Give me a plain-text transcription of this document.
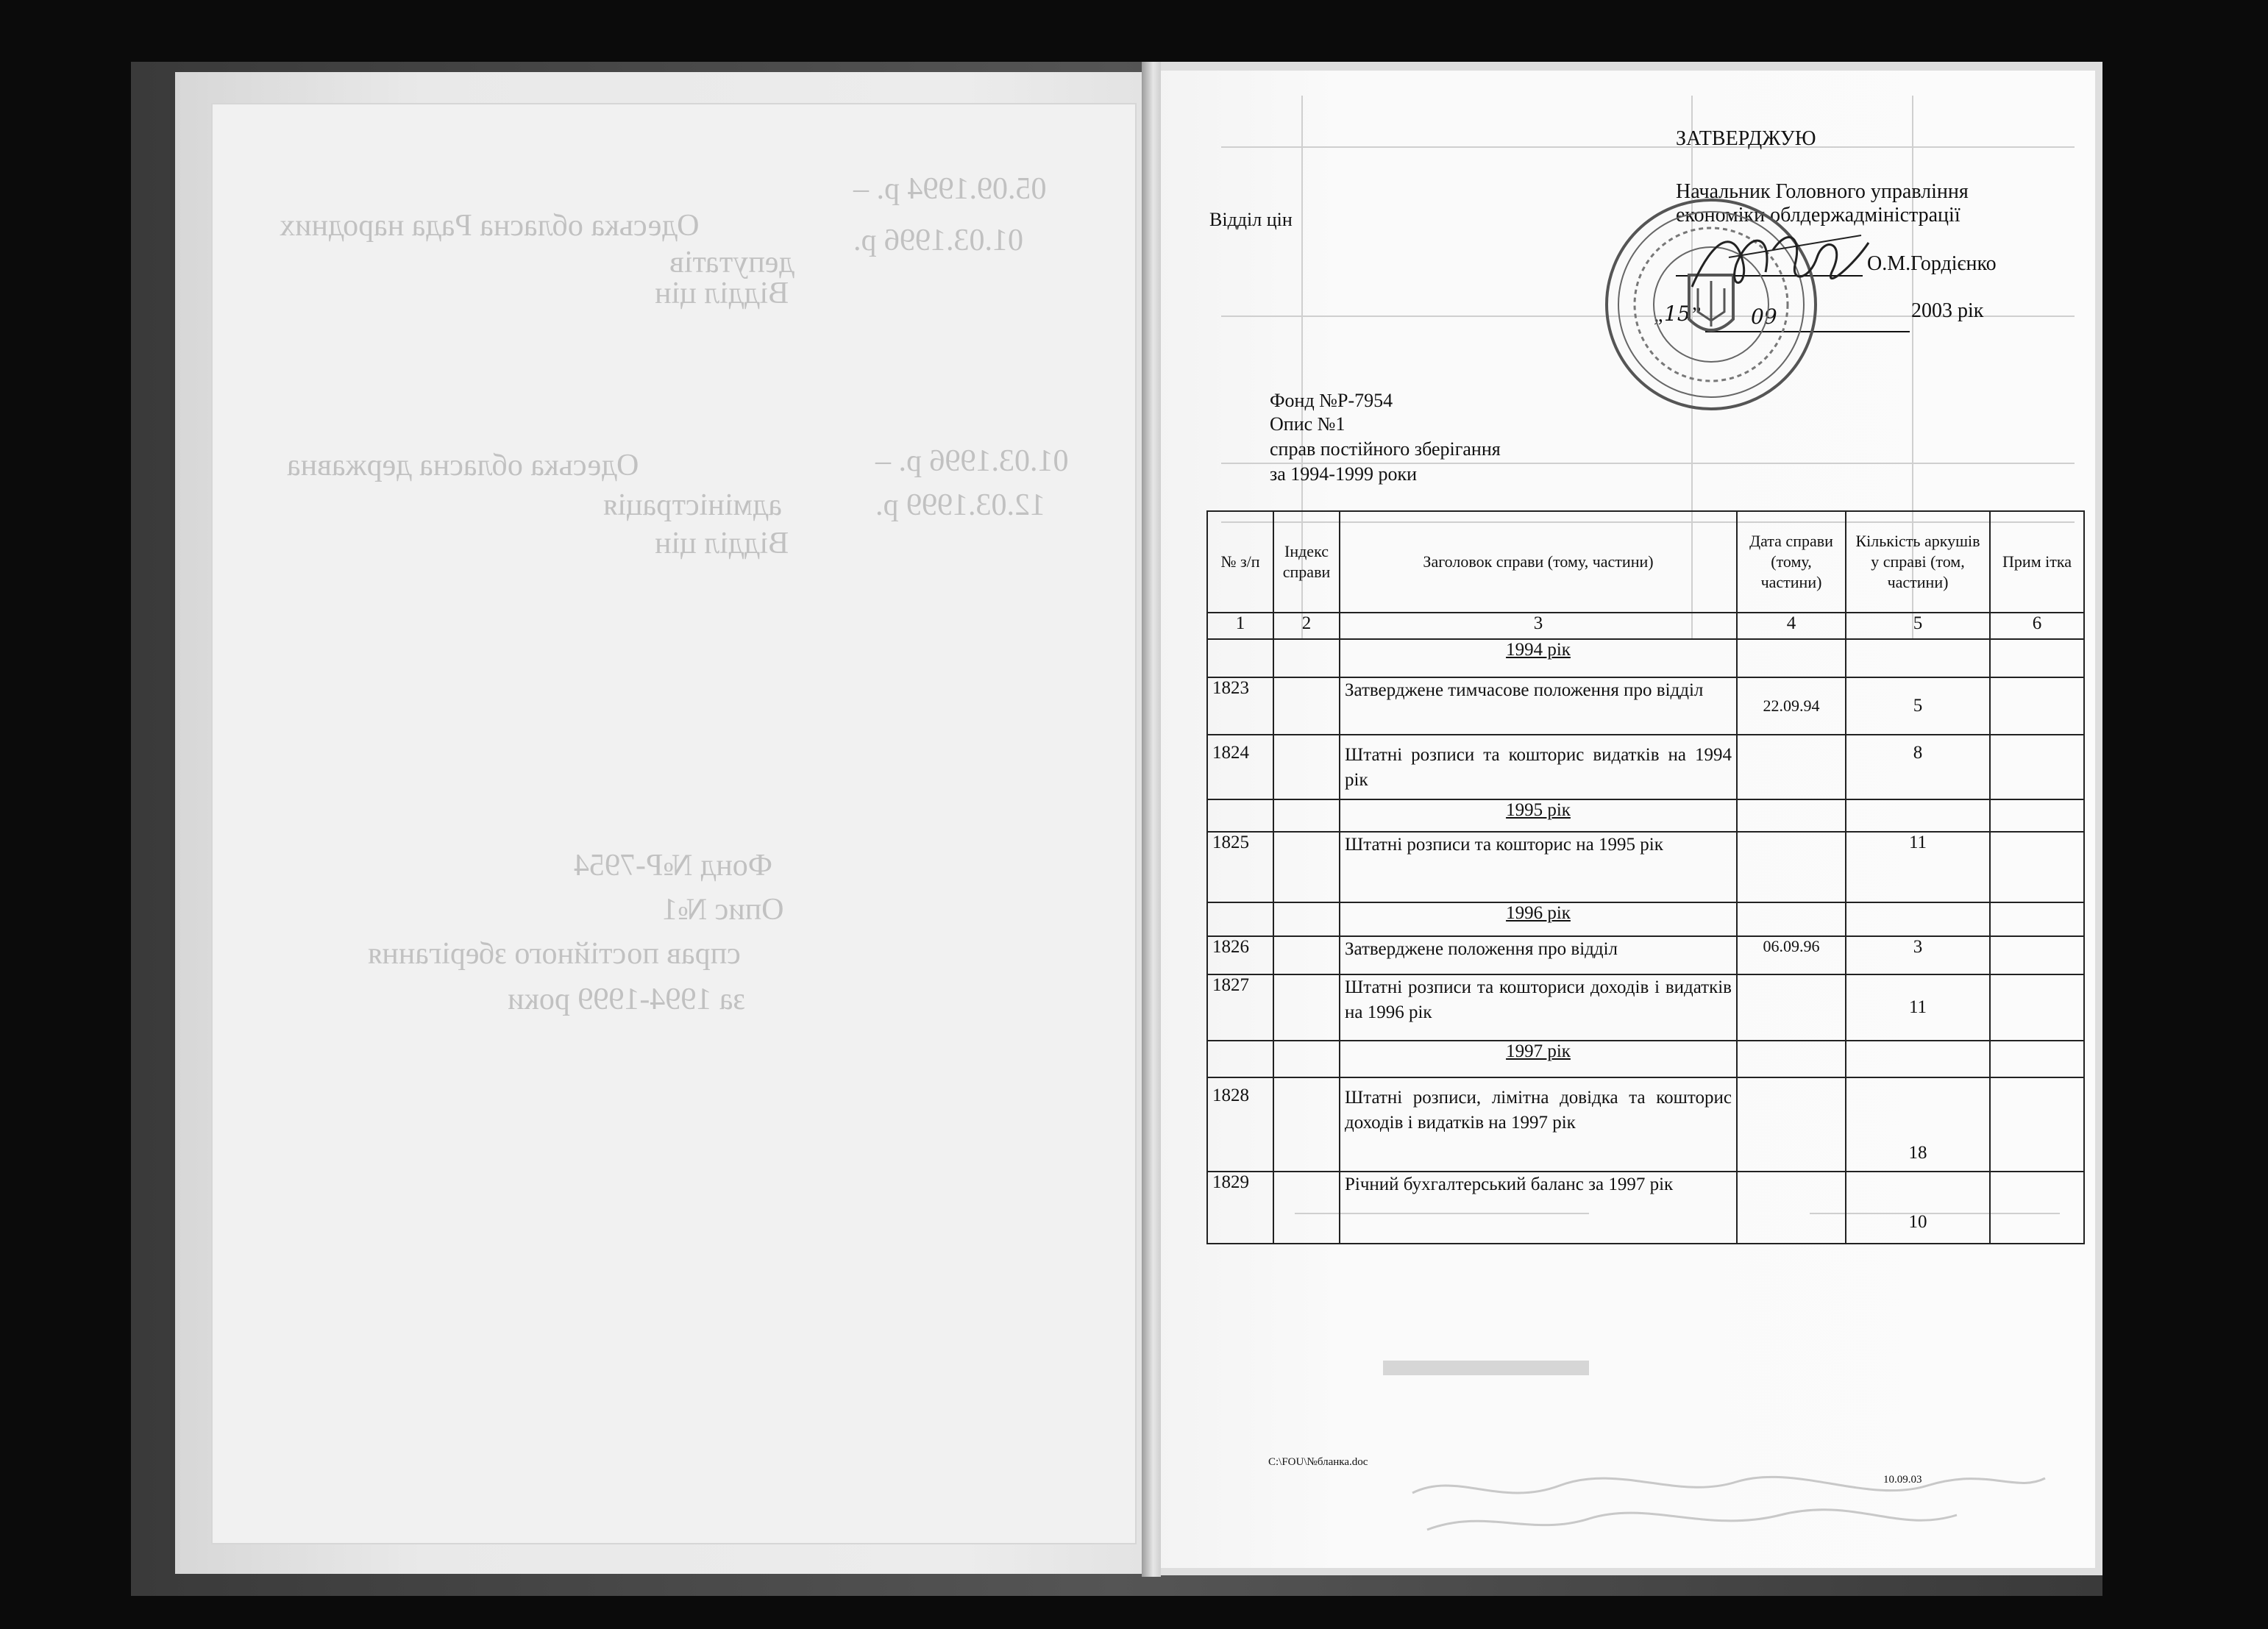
Одеська обласна Рада народних
депутатів
Відділ цін
05.09.1994 р. –
01.03.1996 р.
Одеська обласна державна
адміністрація
Відділ цін
01.03.1996 р. –
12.03.1999 р.
Фонд №Р-7954
Опис №1
справ постійного зберігання
за 1994-1999 роки
ЗАТВЕРДЖУЮ
Начальник Головного управління
економіки облдержадміністрації
О.М.Гордієнко
„ 15 ” 09	2003 рік
Відділ цін
Фонд №Р-7954
Опис №1
справ постійного зберігання
за 1994-1999 роки
№ з/п	Індекс справи	Заголовок справи (тому, частини)	Дата справи (тому, частини)	Кількість аркушів у справі (том, частини)	Прим ітка
1	2	3	4	5	6
		1994 рік			
1823		Затверджене тимчасове положення про відділ	22.09.94	5	
1824		Штатні розписи та кошторис видатків на 1994 рік		8	
		1995 рік			
1825		Штатні розписи та кошторис на 1995 рік		11	
		1996 рік			
1826		Затверджене положення про відділ	06.09.96	3	
1827		Штатні розписи та кошториси доходів і видатків на 1996 рік		11	
		1997 рік			
1828		Штатні розписи, лімітна довідка та кошторис доходів і видатків на 1997 рік		18	
1829		Річний бухгалтерський баланс за 1997 рік		10	
C:\FOU\№бланка.doc
10.09.03
